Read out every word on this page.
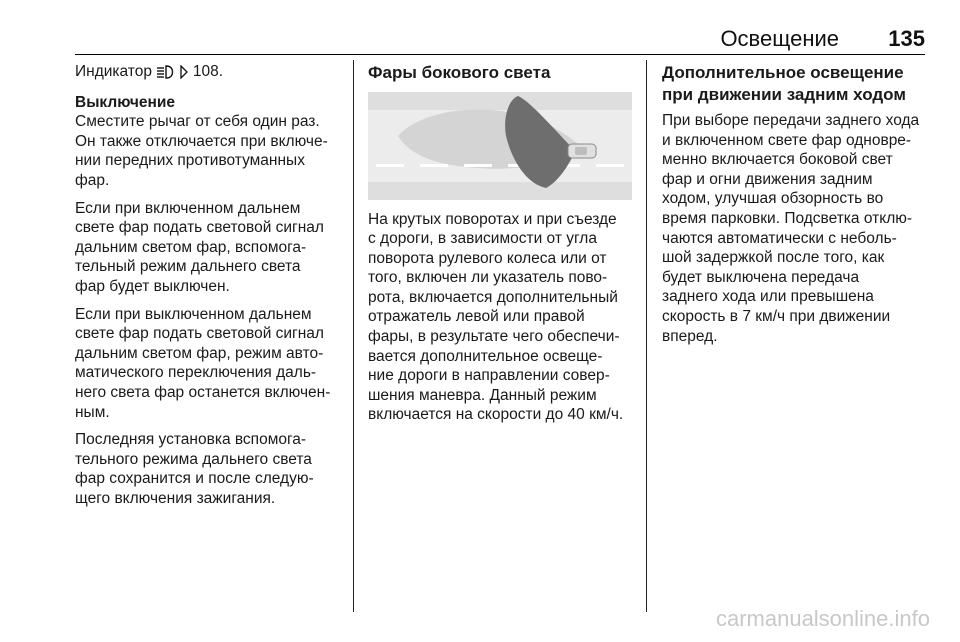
Освещение 135

Индикатор	108.

Выключение
Сместите рычаг от себя один раз.
Он также отключается при включе-
нии передних противотуманных
фар.

Если при включенном дальнем
свете фар подать световой сигнал
дальним светом фар, вспомога-
тельный режим дальнего света
фар будет выключен.

Если при выключенном дальнем
свете фар подать световой сигнал
дальним светом фар, режим авто-
матического переключения даль-
него света фар останется включен-
ным.

Последняя установка вспомога-
тельного режима дальнего света
фар сохранится и после следую-
щего включения зажигания.

Фары бокового света

На крутых поворотах и при съезде
с дороги, в зависимости от угла
поворота рулевого колеса или от
того, включен ли указатель пово-
рота, включается дополнительный
отражатель левой или правой
фары, в результате чего обеспечи-
вается дополнительное освеще-
ние дороги в направлении совер-
шения маневра. Данный режим
включается на скорости до 40 км/ч.

Дополнительное освещение
при движении задним ходом

При выборе передачи заднего хода
и включенном свете фар одновре-
менно включается боковой свет
фар и огни движения задним
ходом, улучшая обзорность во
время парковки. Подсветка отклю-
чаются автоматически с неболь-
шой задержкой после того, как
будет выключена передача
заднего хода или превышена
скорость в 7 км/ч при движении
вперед.

carmanualsonline.info
